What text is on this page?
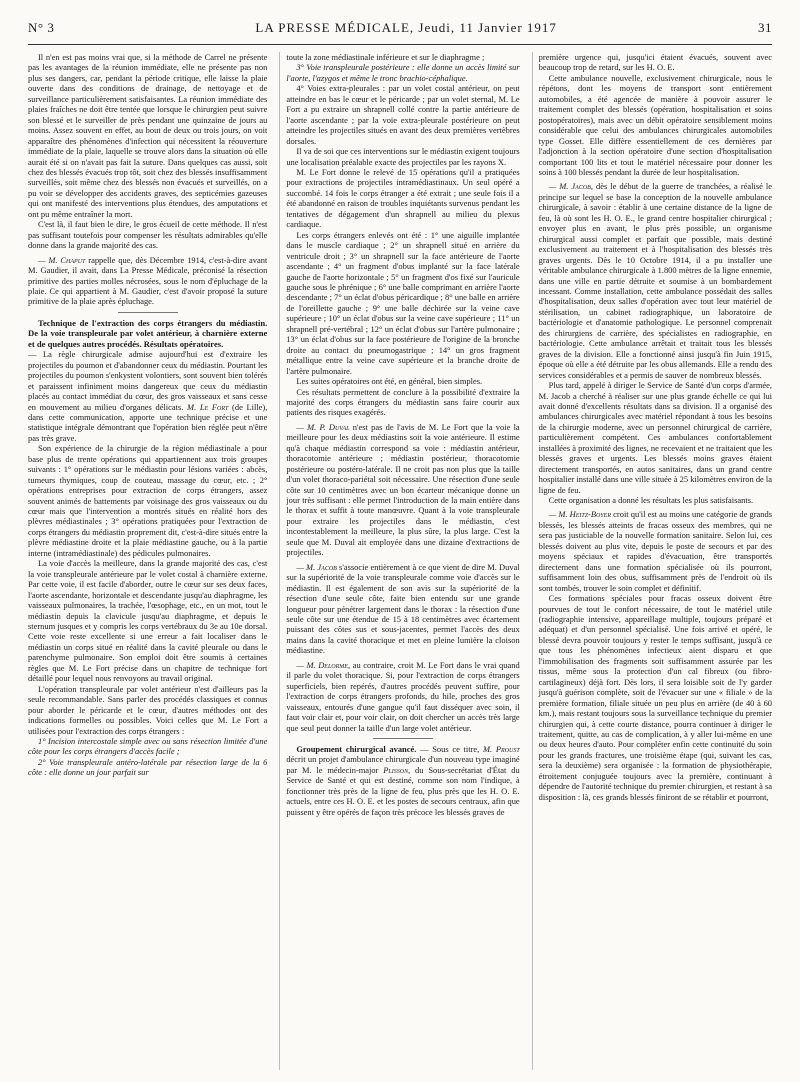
N° 3	LA PRESSE MÉDICALE, Jeudi, 11 Janvier 1917	31

Il n'en est pas moins vrai que, si la méthode de Carrel ne présente pas les avantages de la réunion immédiate, elle ne présente pas non plus ses dangers, car, pendant la période critique, elle laisse la plaie ouverte dans des conditions de drainage, de nettoyage et de surveillance particulièrement satisfaisantes. La réunion immédiate des plaies fraîches ne doit être tentée que lorsque le chirurgien peut suivre son blessé et le surveiller de près pendant une quinzaine de jours au moins. Assez souvent en effet, au bout de deux ou trois jours, on voit apparaître des phénomènes d'infection qui nécessitent la réouverture immédiate de la plaie, laquelle se trouve alors dans la situation où elle aurait été si on n'avait pas fait la suture. Dans quelques cas aussi, soit chez des blessés évacués trop tôt, soit chez des blessés insuffisamment surveillés, soit même chez des blessés non évacués et surveillés, on a pu voir se développer des accidents graves, des septicémies gazeuses qui ont manifesté des interventions plus étendues, des amputations et ont pu même entraîner la mort.

C'est là, il faut bien le dire, le gros écueil de cette méthode. Il n'est pas suffisant toutefois pour compenser les résultats admirables qu'elle donne dans la grande majorité des cas.

— M. Chaput rappelle que, dès Décembre 1914, c'est-à-dire avant M. Gaudier, il avait, dans La Presse Médicale, préconisé la résection primitive des parties molles nécrosées, sous le nom d'épluchage de la plaie. Ce qui appartient à M. Gaudier, c'est d'avoir proposé la suture primitive de la plaie après épluchage.

Technique de l'extraction des corps étrangers du médiastin. De la voie transpleurale par volet antérieur, à charnière externe et de quelques autres procédés. Résultats opératoires.

— La règle chirurgicale admise aujourd'hui est d'extraire les projectiles du poumon et d'abandonner ceux du médiastin. Pourtant les projectiles du poumon s'enkystent volontiers, sont souvent bien tolérés et paraissent infiniment moins dangereux que ceux du médiastin placés au contact immédiat du cœur, des gros vaisseaux et sans cesse en mouvement au milieu d'organes délicats. M. Le Fort (de Lille), dans cette communication, apporte une technique précise et une statistique intégrale démontrant que l'opération bien réglée peut n'être pas très grave.

Son expérience de la chirurgie de la région médiastinale a pour base plus de trente opérations qui appartiennent aux trois groupes suivants : 1° opérations sur le médiastin pour lésions variées : abcès, tumeurs thymiques, coup de couteau, massage du cœur, etc. ; 2° opérations entreprises pour extraction de corps étrangers, assez souvent animés de battements par voisinage des gros vaisseaux ou du cœur mais que l'intervention a montrés situés en réalité hors des plèvres médiastinales ; 3° opérations pratiquées pour l'extraction de corps étrangers du médiastin proprement dit, c'est-à-dire situés entre la plèvre médiastine droite et la plaie médiastine gauche, ou à la partie interne (intramédiastinale) des pédicules pulmonaires.

La voie d'accès la meilleure, dans la grande majorité des cas, c'est la voie transpleurale antérieure par le volet costal à charnière externe. Par cette voie, il est facile d'aborder, outre le cœur sur ses deux faces, l'aorte ascendante, horizontale et descendante jusqu'au diaphragme, les vaisseaux pulmonaires, la trachée, l'œsophage, etc., en un mot, tout le médiastin depuis la clavicule jusqu'au diaphragme, et depuis le sternum jusques et y compris les corps vertébraux du 3e au 10e dorsal. Cette voie reste excellente si une erreur a fait localiser dans le médiastin un corps situé en réalité dans la cavité pleurale ou dans le parenchyme pulmonaire. Son emploi doit être soumis à certaines règles que M. Le Fort précise dans un chapitre de technique fort détaillé pour lequel nous renvoyons au travail original.

L'opération transpleurale par volet antérieur n'est d'ailleurs pas la seule recommandable. Sans parler des procédés classiques et connus pour aborder le péricarde et le cœur, d'autres méthodes ont des indications formelles ou possibles. Voici celles que M. Le Fort a utilisées pour l'extraction des corps étrangers :

1° Incision intercostale simple avec ou sans résection limitée d'une côte pour les corps étrangers d'accès facile ;

2° Voie transpleurale antéro-latérale par résection large de la 6 côte : elle donne un jour parfait sur

toute la zone médiastinale inférieure et sur le diaphragme ;

3° Voie transpleurale postérieure : elle donne un accès limité sur l'aorte, l'azygos et même le tronc brachio-céphalique.

4° Voies extra-pleurales : par un volet costal antérieur, on peut atteindre en bas le cœur et le péricarde ; par un volet sternal, M. Le Fort a pu extraire un shrapnell collé contre la partie antérieure de l'aorte ascendante ; par la voie extra-pleurale postérieure on peut atteindre les projectiles situés en avant des deux premières vertèbres dorsales.

Il va de soi que ces interventions sur le médiastin exigent toujours une localisation préalable exacte des projectiles par les rayons X.

M. Le Fort donne le relevé de 15 opérations qu'il a pratiquées pour extractions de projectiles intramédiastinaux. Un seul opéré a succombé. 14 fois le corps étranger a été extrait ; une seule fois il a été abandonné en raison de troubles inquiétants survenus pendant les tentatives de dégagement d'un shrapnell au milieu du plexus cardiaque.

Les corps étrangers enlevés ont été : 1° une aiguille implantée dans le muscle cardiaque ; 2° un shrapnell situé en arrière du ventricule droit ; 3° un shrapnell sur la face antérieure de l'aorte ascendante ; 4° un fragment d'obus implanté sur la face latérale gauche de l'aorte horizontale ; 5° un fragment d'os fixé sur l'auricule gauche sous le phrénique ; 6° une balle comprimant en arrière l'aorte descendante ; 7° un éclat d'obus péricardique ; 8° une balle en arrière de l'oreillette gauche ; 9° une balle déchirée sur la veine cave supérieure ; 10° un éclat d'obus sur la veine cave supérieure ; 11° un shrapnell pré-vertébral ; 12° un éclat d'obus sur l'artère pulmonaire ; 13° un éclat d'obus sur la face postérieure de l'origine de la bronche droite au contact du pneumogastrique ; 14° un gros fragment métallique entre la veine cave supérieure et la branche droite de l'artère pulmonaire.

Les suites opératoires ont été, en général, bien simples.

Ces résultats permettent de conclure à la possibilité d'extraire la majorité des corps étrangers du médiastin sans faire courir aux patients des risques exagérés.

— M. P. Duval n'est pas de l'avis de M. Le Fort que la voie la meilleure pour les deux médiastins soit la voie antérieure. Il estime qu'à chaque médiastin correspond sa voie : médiastin antérieur, thoracotomie antérieure ; médiastin postérieur, thoracotomie postérieure ou postéro-latérale. Il ne croit pas non plus que la taille d'un volet thoraco-pariétal soit nécessaire. Une résection d'une seule côte sur 10 centimètres avec un bon écarteur mécanique donne un jour très suffisant : elle permet l'introduction de la main entière dans le thorax et suffit à toute manœuvre. Quant à la voie transpleurale pour extraire les projectiles dans le médiastin, c'est incontestablement la meilleure, la plus sûre, la plus large. C'est la seule que M. Duval ait employée dans une dizaine d'extractions de projectiles.

— M. Jacob s'associe entièrement à ce que vient de dire M. Duval sur la supériorité de la voie transpleurale comme voie d'accès sur le médiastin. Il est également de son avis sur la supériorité de la résection d'une seule côte, faite bien entendu sur une grande longueur pour pénétrer largement dans le thorax : la résection d'une seule côte sur une étendue de 15 à 18 centimètres avec écartement puissant des côtes sus et sous-jacentes, permet l'accès des deux mains dans la cavité thoracique et met en pleine lumière la cloison médiastine.

— M. Delorme, au contraire, croit M. Le Fort dans le vrai quand il parle du volet thoracique. Si, pour l'extraction de corps étrangers superficiels, bien repérés, d'autres procédés peuvent suffire, pour l'extraction de corps étrangers profonds, du hile, proches des gros vaisseaux, entourés d'une gangue qu'il faut disséquer avec soin, il faut voir clair et, pour voir clair, on doit chercher un accès très large que seul peut donner la taille d'un large volet antérieur.

Groupement chirurgical avancé. — Sous ce titre, M. Proust décrit un projet d'ambulance chirurgicale d'un nouveau type imaginé par M. le médecin-major Plisson, du Sous-secrétariat d'État du Service de Santé et qui est destiné, comme son nom l'indique, à fonctionner très près de la ligne de feu, plus près que les H. O. E. actuels, entre ces H. O. E. et les postes de secours centraux, afin que puissent y être opérés de façon très précoce les blessés graves de

première urgence qui, jusqu'ici étaient évacués, souvent avec beaucoup trop de retard, sur les H. O. E.

Cette ambulance nouvelle, exclusivement chirurgicale, nous le répétons, dont les moyens de transport sont entièrement automobiles, a été agencée de manière à pouvoir assurer le traitement complet des blessés (opération, hospitalisation et soins postopératoires), mais avec un débit opératoire sensiblement moins considérable que celui des ambulances chirurgicales automobiles type Gosset. Elle diffère essentiellement de ces dernières par l'adjonction à la section opératoire d'une section d'hospitalisation comportant 100 lits et tout le matériel nécessaire pour donner les soins à 100 blessés pendant la durée de leur hospitalisation.

— M. Jacob, dès le début de la guerre de tranchées, a réalisé le principe sur lequel se base la conception de la nouvelle ambulance chirurgicale, à savoir : établir à une certaine distance de la ligne de feu, là où sont les H. O. E., le grand centre hospitalier chirurgical ; envoyer plus en avant, le plus près possible, un organisme chirurgical aussi complet et parfait que possible, mais destiné exclusivement au traitement et à l'hospitalisation des blessés très graves urgents. Dès le 10 Octobre 1914, il a pu installer une véritable ambulance chirurgicale à 1.800 mètres de la ligne ennemie, dans une ville en partie détruite et soumise à un bombardement incessant. Comme installation, cette ambulance possédait des salles d'hospitalisation, deux salles d'opération avec tout leur matériel de stérilisation, un cabinet radiographique, un laboratoire de bactériologie et d'anatomie pathologique. Le personnel comprenait des chirurgiens de carrière, des spécialistes en radiographie, en bactériologie. Cette ambulance arrêtait et traitait tous les blessés graves de la division. Elle a fonctionné ainsi jusqu'à fin Juin 1915, époque où elle a été détruite par les obus allemands. Elle a rendu des services considérables et a permis de sauver de nombreux blessés.

Plus tard, appelé à diriger le Service de Santé d'un corps d'armée, M. Jacob a cherché à réaliser sur une plus grande échelle ce qui lui avait donné d'excellents résultats dans sa division. Il a organisé des ambulances chirurgicales avec matériel répondant à tous les besoins de la chirurgie moderne, avec un personnel chirurgical de carrière, particulièrement compétent. Ces ambulances confortablement installées à proximité des lignes, ne recevaient et ne traitaient que les blessés graves et urgents. Les blessés moins graves étaient directement transportés, en autos sanitaires, dans un grand centre hospitalier installé dans une ville située à 25 kilomètres environ de la ligne de feu.

Cette organisation a donné les résultats les plus satisfaisants.

— M. Heitz-Boyer croit qu'il est au moins une catégorie de grands blessés, les blessés atteints de fracas osseux des membres, qui ne sera pas justiciable de la nouvelle formation sanitaire. Selon lui, ces blessés doivent au plus vite, depuis le poste de secours et par des moyens spéciaux et rapides d'évacuation, être transportés directement dans une formation spécialisée où ils pourront, suffisamment loin des obus, suffisamment près de l'endroit où ils sont tombés, trouver le soin complet et définitif.

Ces formations spéciales pour fracas osseux doivent être pourvues de tout le confort nécessaire, de tout le matériel utile (radiographie intensive, appareillage multiple, toujours préparé et adéquat) et d'un personnel spécialisé. Une fois arrivé et opéré, le blessé devra pouvoir toujours y rester le temps suffisant, jusqu'à ce que tous les phénomènes infectieux aient disparu et que l'immobilisation des fragments soit suffisamment assurée par les tissus, même sous la protection d'un cal fibreux (ou fibro-cartilagineux) déjà fort. Dès lors, il sera loisible soit de l'y garder jusqu'à guérison complète, soit de l'évacuer sur une « filiale » de la première formation, filiale située un peu plus en arrière (de 40 à 60 km.), mais restant toujours sous la surveillance technique du premier chirurgien qui, à cette courte distance, pourra continuer à diriger le traitement, quitte, au cas de complication, à y aller lui-même en une ou deux heures d'auto. Pour compléter enfin cette continuité du soin pour les grands fractures, une troisième étape (qui, suivant les cas, sera la deuxième) sera organisée : la formation de physiothérapie, étroitement conjuguée toujours avec la première, continuant à dépendre de l'autorité technique du premier chirurgien, et restant à sa disposition : là, ces grands blessés finiront de se rétablir et pourront,
